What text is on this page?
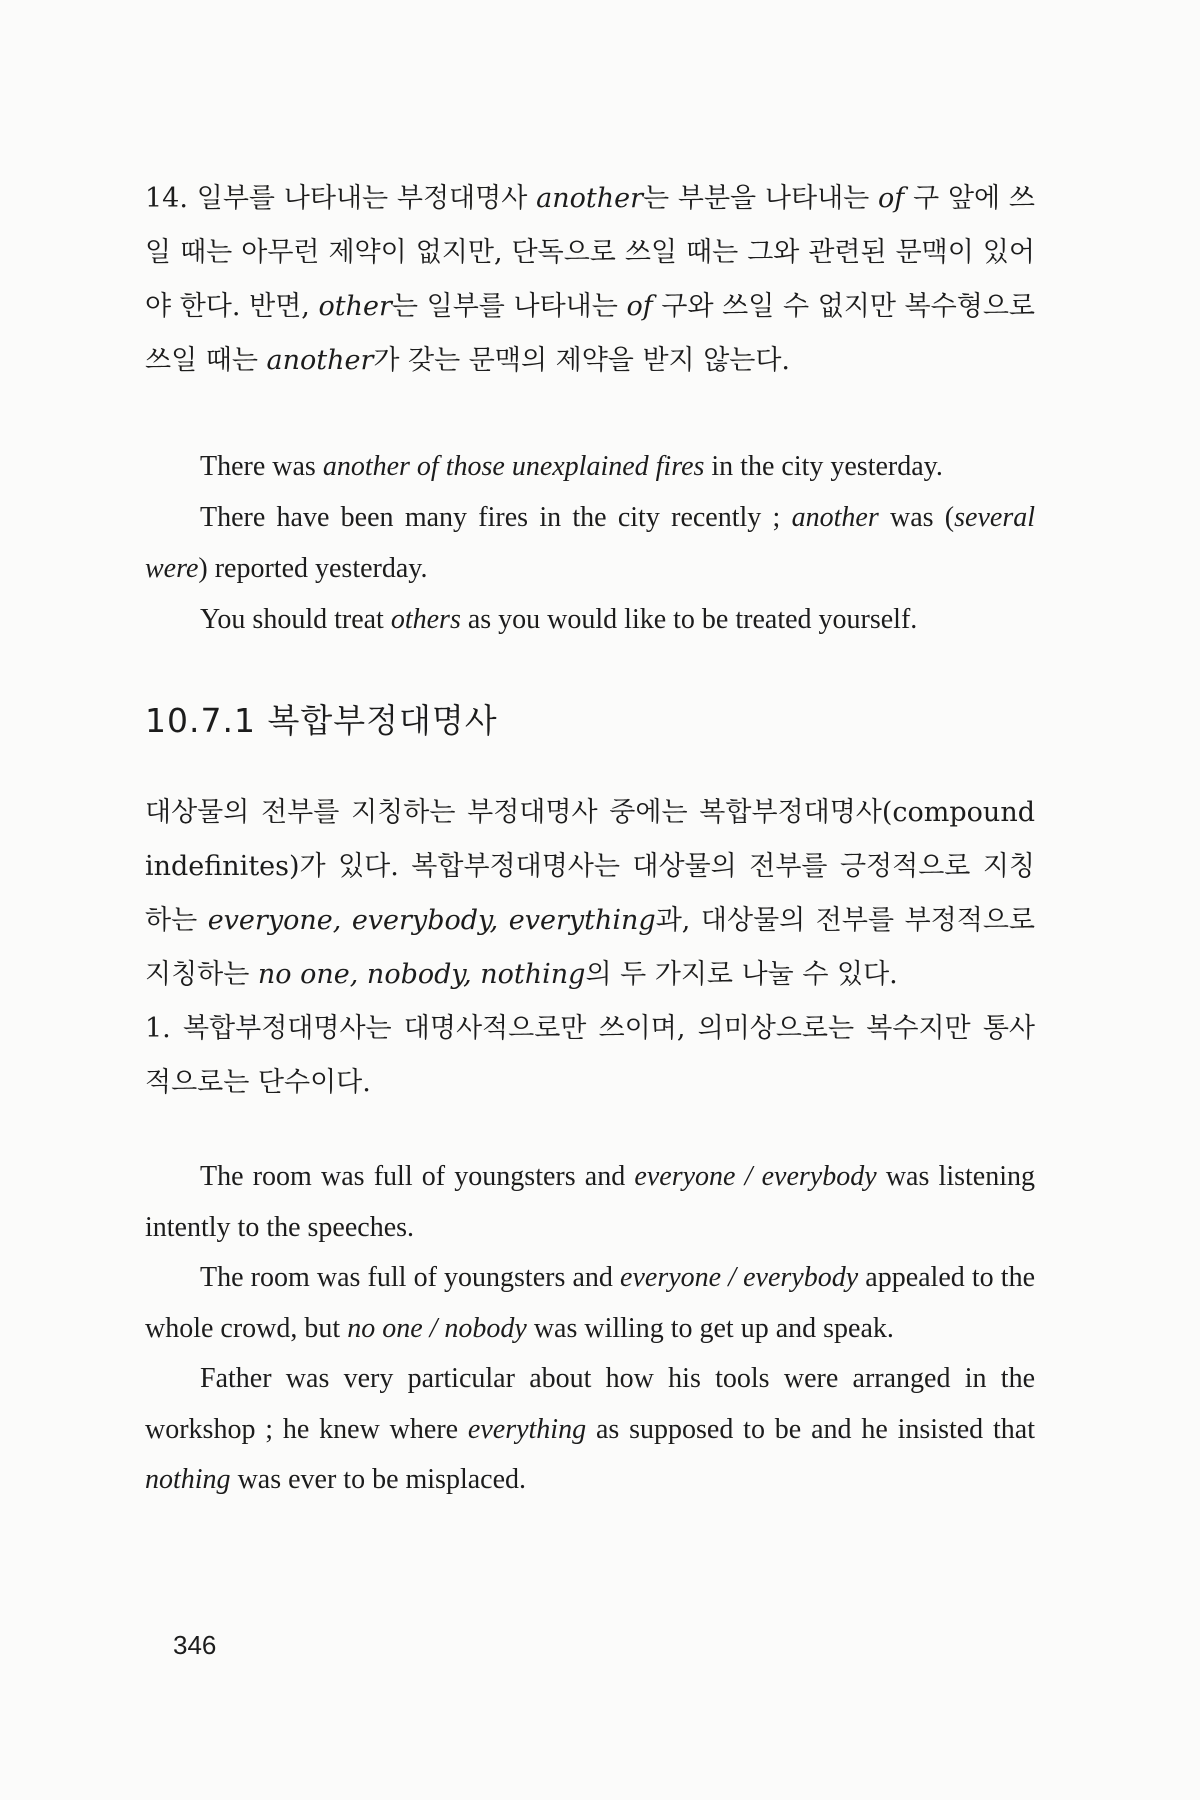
14. 일부를 나타내는 부정대명사 another는 부분을 나타내는 of 구 앞에 쓰일 때는 아무런 제약이 없지만, 단독으로 쓰일 때는 그와 관련된 문맥이 있어야 한다. 반면, other는 일부를 나타내는 of 구와 쓰일 수 없지만 복수형으로 쓰일 때는 another가 갖는 문맥의 제약을 받지 않는다.

There was another of those unexplained fires in the city yesterday.

There have been many fires in the city recently ; another was (several were) reported yesterday.

You should treat others as you would like to be treated yourself.

10.7.1 복합부정대명사

대상물의 전부를 지칭하는 부정대명사 중에는 복합부정대명사(compound indefinites)가 있다. 복합부정대명사는 대상물의 전부를 긍정적으로 지칭하는 everyone, everybody, everything과, 대상물의 전부를 부정적으로 지칭하는 no one, nobody, nothing의 두 가지로 나눌 수 있다.

1. 복합부정대명사는 대명사적으로만 쓰이며, 의미상으로는 복수지만 통사적으로는 단수이다.

The room was full of youngsters and everyone / everybody was listening intently to the speeches.

The room was full of youngsters and everyone / everybody appealed to the whole crowd, but no one / nobody was willing to get up and speak.

Father was very particular about how his tools were arranged in the workshop ; he knew where everything as supposed to be and he insisted that nothing was ever to be misplaced.

346
